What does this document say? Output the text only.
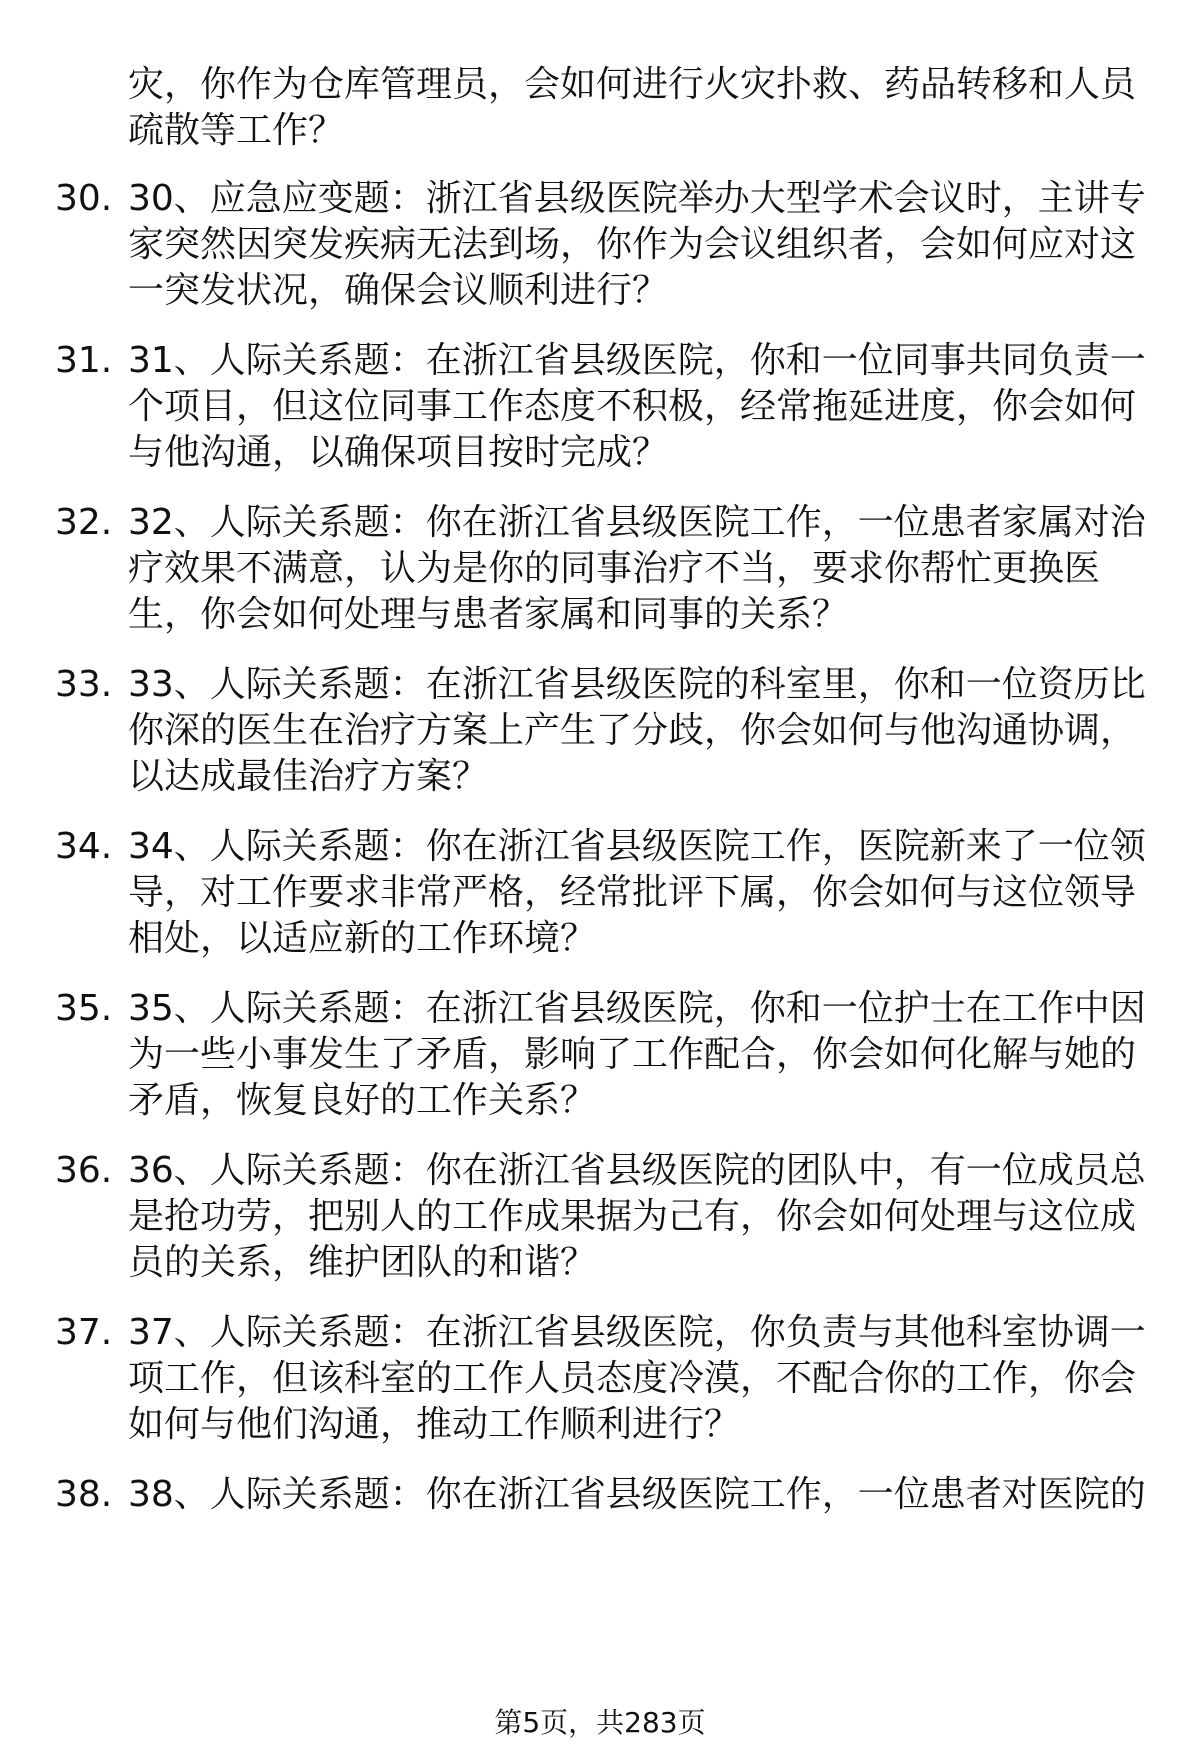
灾，你作为仓库管理员，会如何进行火灾扑救、药品转移和人员疏散等工作？
30. 30、应急应变题：浙江省县级医院举办大型学术会议时，主讲专家突然因突发疾病无法到场，你作为会议组织者，会如何应对这一突发状况，确保会议顺利进行？
31. 31、人际关系题：在浙江省县级医院，你和一位同事共同负责一个项目，但这位同事工作态度不积极，经常拖延进度，你会如何与他沟通，以确保项目按时完成？
32. 32、人际关系题：你在浙江省县级医院工作，一位患者家属对治疗效果不满意，认为是你的同事治疗不当，要求你帮忙更换医生，你会如何处理与患者家属和同事的关系？
33. 33、人际关系题：在浙江省县级医院的科室里，你和一位资历比你深的医生在治疗方案上产生了分歧，你会如何与他沟通协调，以达成最佳治疗方案？
34. 34、人际关系题：你在浙江省县级医院工作，医院新来了一位领导，对工作要求非常严格，经常批评下属，你会如何与这位领导相处，以适应新的工作环境？
35. 35、人际关系题：在浙江省县级医院，你和一位护士在工作中因为一些小事发生了矛盾，影响了工作配合，你会如何化解与她的矛盾，恢复良好的工作关系？
36. 36、人际关系题：你在浙江省县级医院的团队中，有一位成员总是抢功劳，把别人的工作成果据为己有，你会如何处理与这位成员的关系，维护团队的和谐？
37. 37、人际关系题：在浙江省县级医院，你负责与其他科室协调一项工作，但该科室的工作人员态度冷漠，不配合你的工作，你会如何与他们沟通，推动工作顺利进行？
38. 38、人际关系题：你在浙江省县级医院工作，一位患者对医院的
第5页，共283页
